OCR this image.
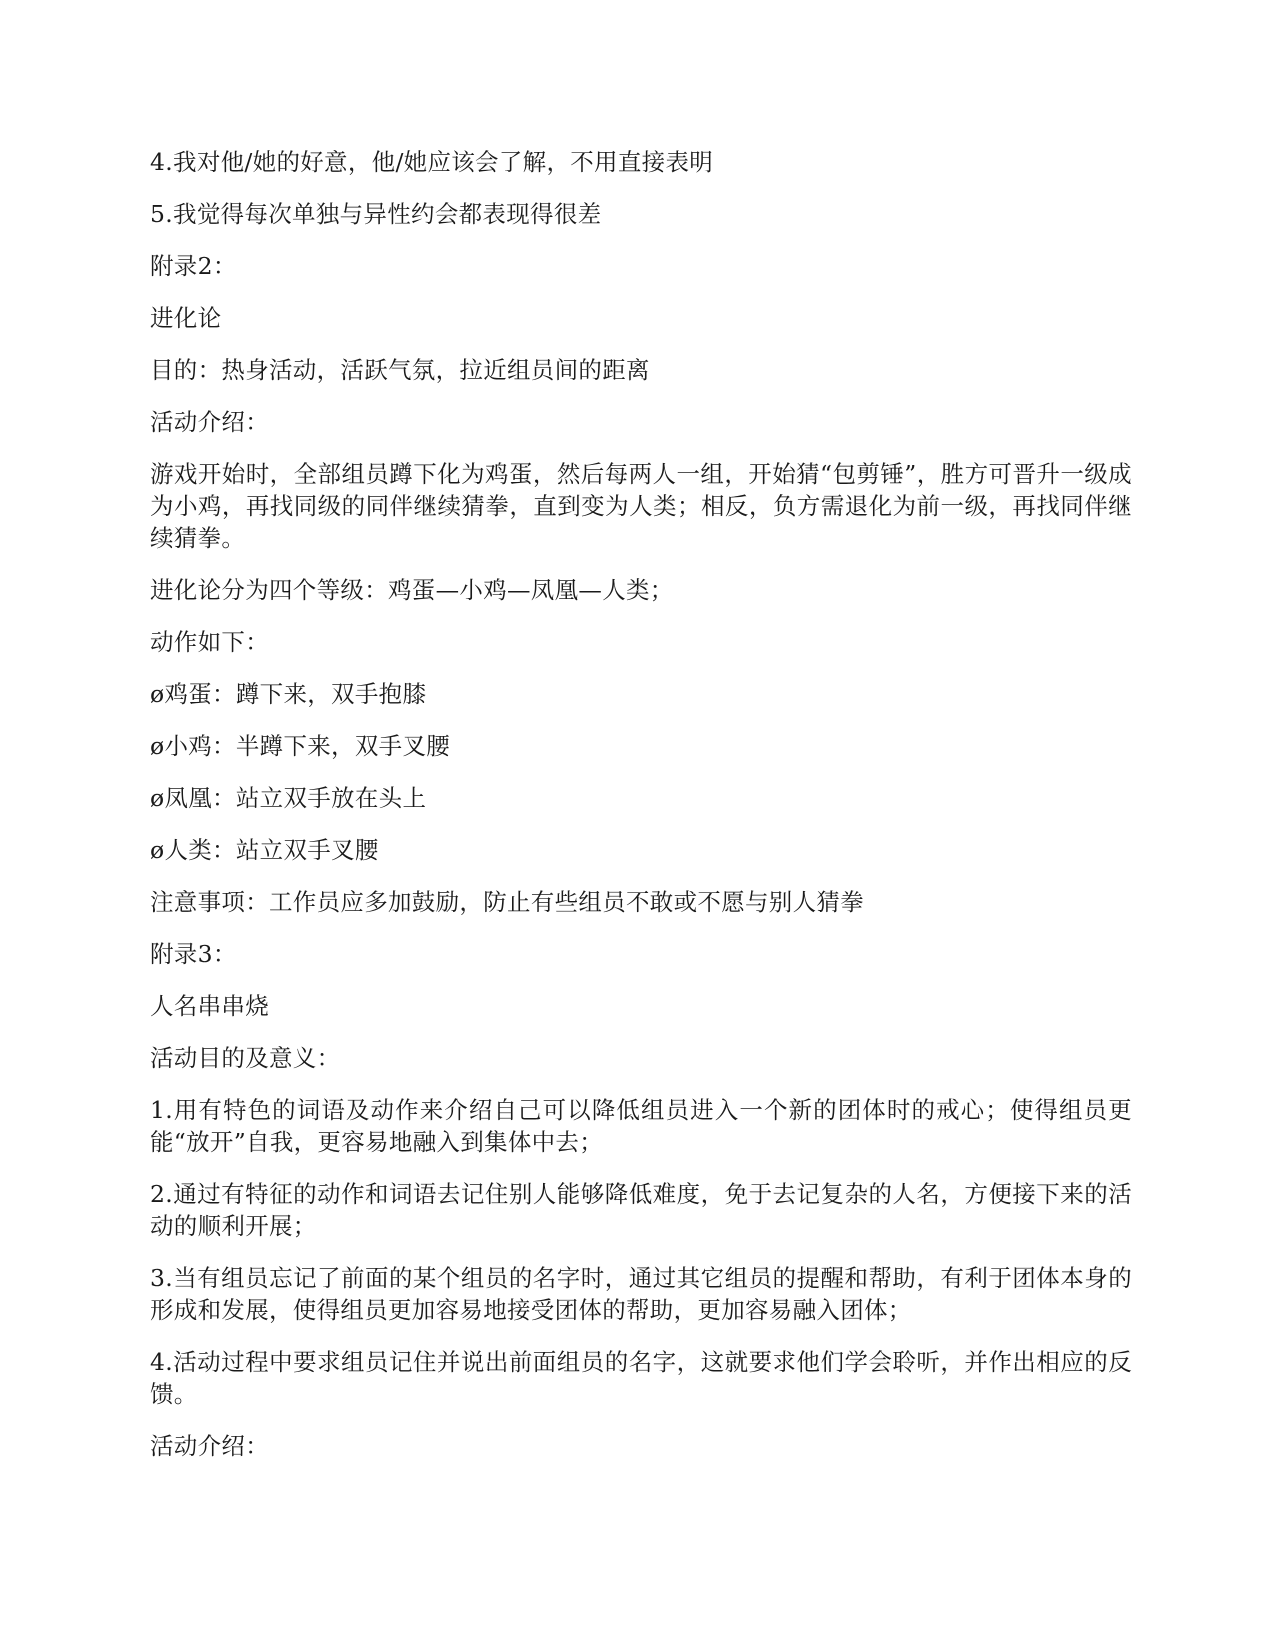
4.我对他/她的好意，他/她应该会了解，不用直接表明

5.我觉得每次单独与异性约会都表现得很差

附录2：

进化论

目的：热身活动，活跃气氛，拉近组员间的距离

活动介绍：

游戏开始时，全部组员蹲下化为鸡蛋，然后每两人一组，开始猜“包剪锤”，胜方可晋升一级成为小鸡，再找同级的同伴继续猜拳，直到变为人类；相反，负方需退化为前一级，再找同伴继续猜拳。

进化论分为四个等级：鸡蛋—小鸡—凤凰—人类；

动作如下：

ø鸡蛋：蹲下来，双手抱膝

ø小鸡：半蹲下来，双手叉腰

ø凤凰：站立双手放在头上

ø人类：站立双手叉腰

注意事项：工作员应多加鼓励，防止有些组员不敢或不愿与别人猜拳

附录3：

人名串串烧

活动目的及意义：

1.用有特色的词语及动作来介绍自己可以降低组员进入一个新的团体时的戒心；使得组员更能“放开”自我，更容易地融入到集体中去；

2.通过有特征的动作和词语去记住别人能够降低难度，免于去记复杂的人名，方便接下来的活动的顺利开展；

3.当有组员忘记了前面的某个组员的名字时，通过其它组员的提醒和帮助，有利于团体本身的形成和发展，使得组员更加容易地接受团体的帮助，更加容易融入团体；

4.活动过程中要求组员记住并说出前面组员的名字，这就要求他们学会聆听，并作出相应的反馈。

活动介绍：
